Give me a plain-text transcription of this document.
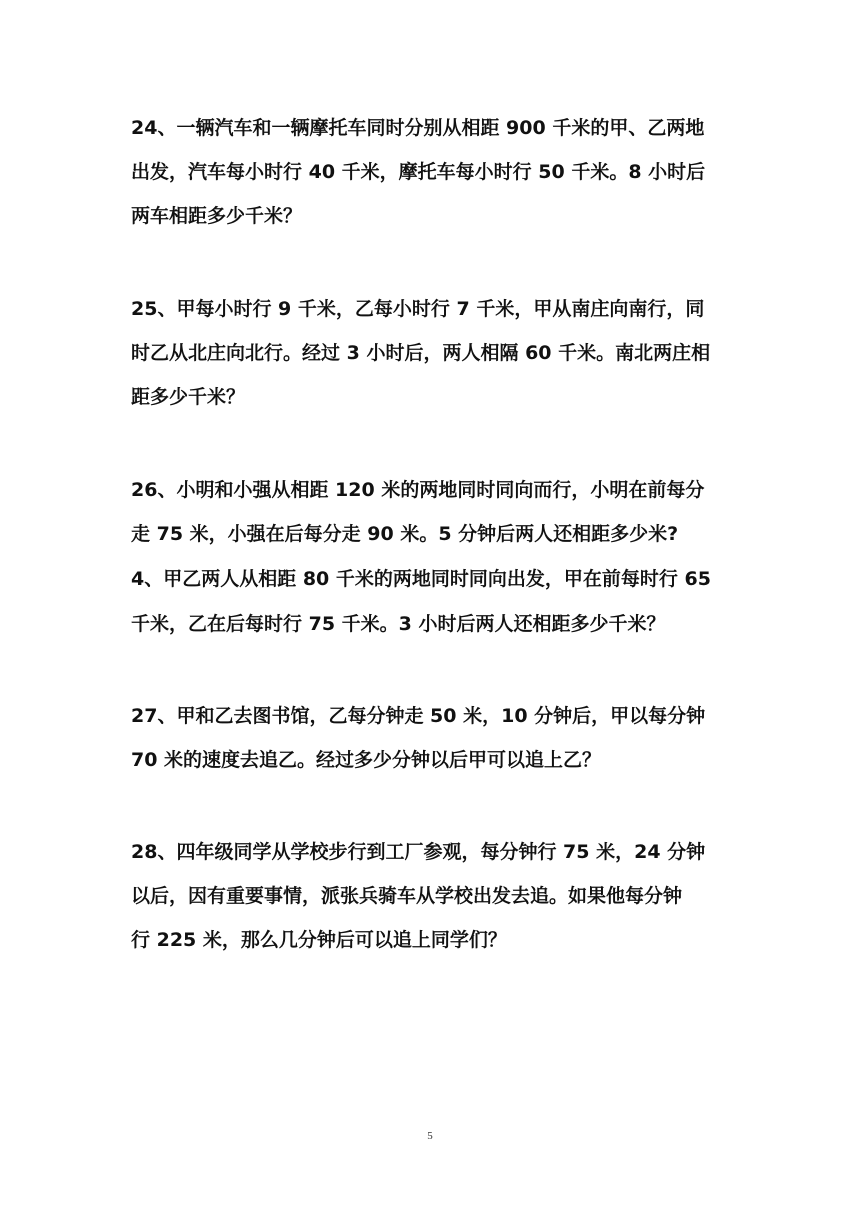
24、一辆汽车和一辆摩托车同时分别从相距 900 千米的甲、乙两地
出发，汽车每小时行 40 千米，摩托车每小时行 50 千米。8 小时后
两车相距多少千米？
25、甲每小时行 9 千米，乙每小时行 7 千米，甲从南庄向南行，同
时乙从北庄向北行。经过 3 小时后，两人相隔 60 千米。南北两庄相
距多少千米？
26、小明和小强从相距 120 米的两地同时同向而行，小明在前每分
走 75 米，小强在后每分走 90 米。5 分钟后两人还相距多少米?
4、甲乙两人从相距 80 千米的两地同时同向出发，甲在前每时行 65
千米，乙在后每时行 75 千米。3 小时后两人还相距多少千米？
27、甲和乙去图书馆，乙每分钟走 50 米，10 分钟后，甲以每分钟
70 米的速度去追乙。经过多少分钟以后甲可以追上乙？
28、四年级同学从学校步行到工厂参观，每分钟行 75 米，24 分钟
以后，因有重要事情，派张兵骑车从学校出发去追。如果他每分钟
行 225 米，那么几分钟后可以追上同学们？
5
